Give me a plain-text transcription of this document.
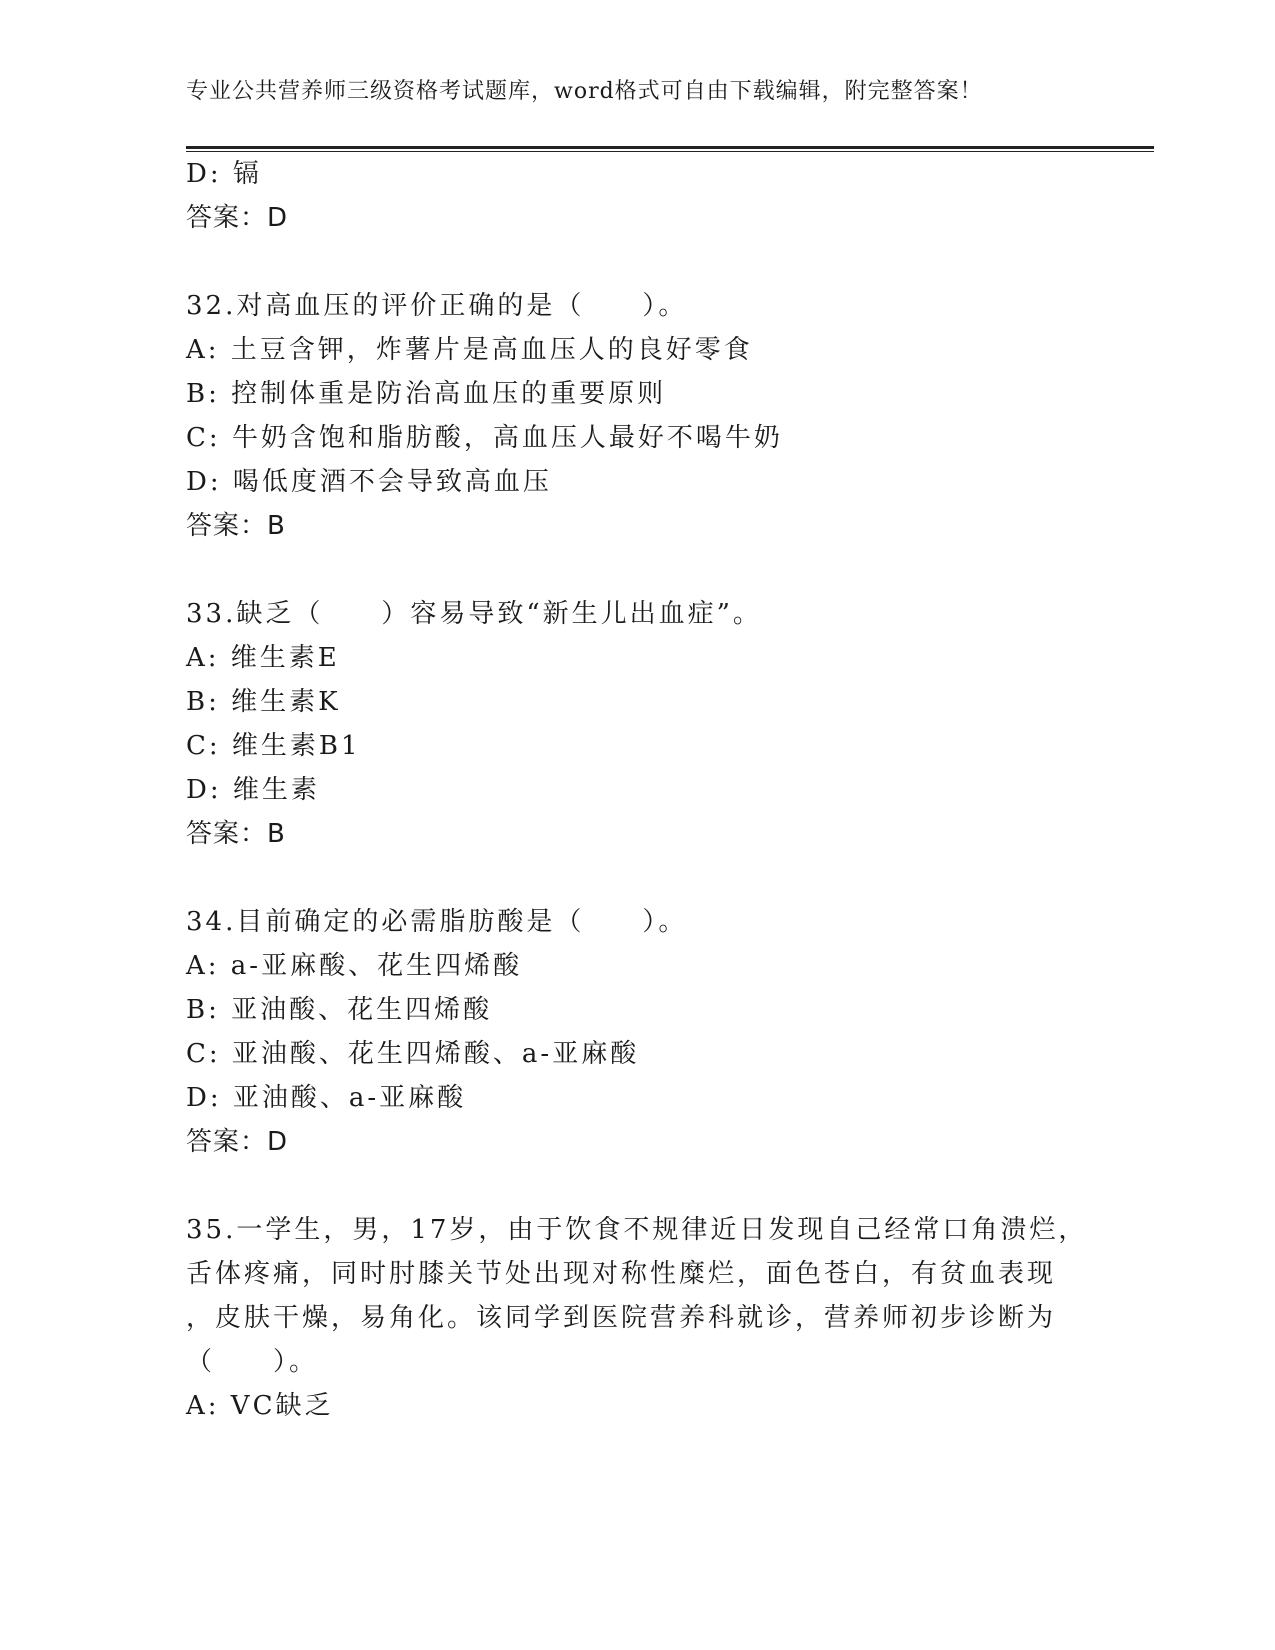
专业公共营养师三级资格考试题库，word格式可自由下载编辑，附完整答案！
D: 镉
答案：D
32.对高血压的评价正确的是（　　）。
A: 土豆含钾，炸薯片是高血压人的良好零食
B: 控制体重是防治高血压的重要原则
C: 牛奶含饱和脂肪酸，高血压人最好不喝牛奶
D: 喝低度酒不会导致高血压
答案：B
33.缺乏（　　）容易导致“新生儿出血症”。
A: 维生素E
B: 维生素K
C: 维生素B1
D: 维生素
答案：B
34.目前确定的必需脂肪酸是（　　）。
A: a-亚麻酸、花生四烯酸
B: 亚油酸、花生四烯酸
C: 亚油酸、花生四烯酸、a-亚麻酸
D: 亚油酸、a-亚麻酸
答案：D
35.一学生，男，17岁，由于饮食不规律近日发现自己经常口角溃烂，
舌体疼痛，同时肘膝关节处出现对称性糜烂，面色苍白，有贫血表现
，皮肤干燥，易角化。该同学到医院营养科就诊，营养师初步诊断为
（　　）。
A: VC缺乏
